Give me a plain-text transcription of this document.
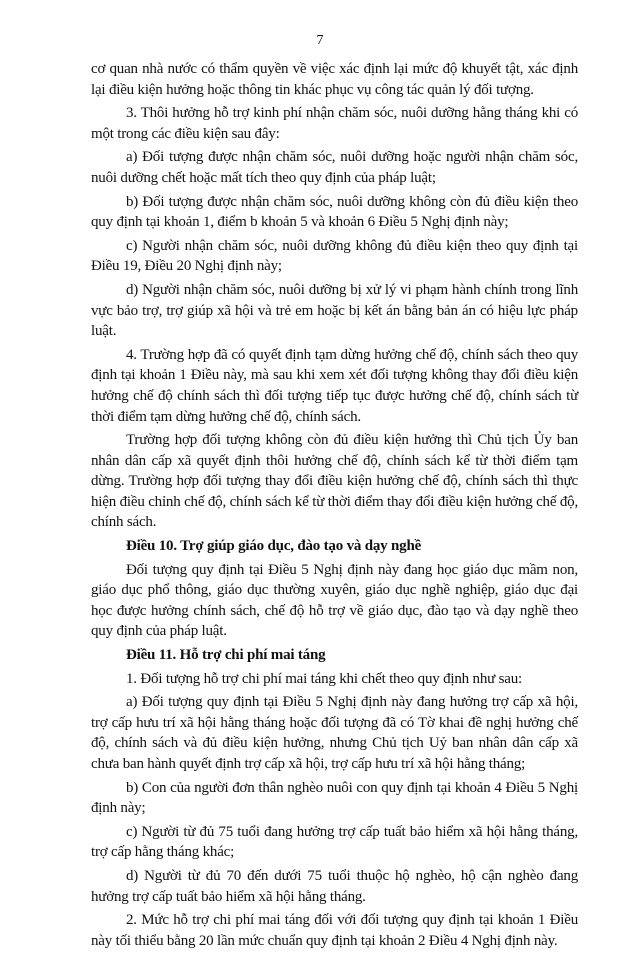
7

cơ quan nhà nước có thẩm quyền về việc xác định lại mức độ khuyết tật, xác định lại điều kiện hưởng hoặc thông tin khác phục vụ công tác quản lý đối tượng.

3. Thôi hưởng hỗ trợ kinh phí nhận chăm sóc, nuôi dưỡng hằng tháng khi có một trong các điều kiện sau đây:

a) Đối tượng được nhận chăm sóc, nuôi dưỡng hoặc người nhận chăm sóc, nuôi dưỡng chết hoặc mất tích theo quy định của pháp luật;

b) Đối tượng được nhận chăm sóc, nuôi dưỡng không còn đủ điều kiện theo quy định tại khoản 1, điểm b khoản 5 và khoản 6 Điều 5 Nghị định này;

c) Người nhận chăm sóc, nuôi dưỡng không đủ điều kiện theo quy định tại Điều 19, Điều 20 Nghị định này;

d) Người nhận chăm sóc, nuôi dưỡng bị xử lý vi phạm hành chính trong lĩnh vực bảo trợ, trợ giúp xã hội và trẻ em hoặc bị kết án bằng bản án có hiệu lực pháp luật.

4. Trường hợp đã có quyết định tạm dừng hưởng chế độ, chính sách theo quy định tại khoản 1 Điều này, mà sau khi xem xét đối tượng không thay đổi điều kiện hưởng chế độ chính sách thì đối tượng tiếp tục được hưởng chế độ, chính sách từ thời điểm tạm dừng hưởng chế độ, chính sách.

Trường hợp đối tượng không còn đủ điều kiện hưởng thì Chủ tịch Ủy ban nhân dân cấp xã quyết định thôi hưởng chế độ, chính sách kể từ thời điểm tạm dừng. Trường hợp đối tượng thay đổi điều kiện hưởng chế độ, chính sách thì thực hiện điều chỉnh chế độ, chính sách kể từ thời điểm thay đổi điều kiện hưởng chế độ, chính sách.

Điều 10. Trợ giúp giáo dục, đào tạo và dạy nghề

Đối tượng quy định tại Điều 5 Nghị định này đang học giáo dục mầm non, giáo dục phổ thông, giáo dục thường xuyên, giáo dục nghề nghiệp, giáo dục đại học được hưởng chính sách, chế độ hỗ trợ về giáo dục, đào tạo và dạy nghề theo quy định của pháp luật.

Điều 11. Hỗ trợ chi phí mai táng

1. Đối tượng hỗ trợ chi phí mai táng khi chết theo quy định như sau:

a) Đối tượng quy định tại Điều 5 Nghị định này đang hưởng trợ cấp xã hội, trợ cấp hưu trí xã hội hằng tháng hoặc đối tượng đã có Tờ khai đề nghị hưởng chế độ, chính sách và đủ điều kiện hưởng, nhưng Chủ tịch Uỷ ban nhân dân cấp xã chưa ban hành quyết định trợ cấp xã hội, trợ cấp hưu trí xã hội hằng tháng;

b) Con của người đơn thân nghèo nuôi con quy định tại khoản 4 Điều 5 Nghị định này;

c) Người từ đủ 75 tuổi đang hưởng trợ cấp tuất bảo hiểm xã hội hằng tháng, trợ cấp hằng tháng khác;

d) Người từ đủ 70 đến dưới 75 tuổi thuộc hộ nghèo, hộ cận nghèo đang hưởng trợ cấp tuất bảo hiểm xã hội hằng tháng.

2. Mức hỗ trợ chi phí mai táng đối với đối tượng quy định tại khoản 1 Điều này tối thiểu bằng 20 lần mức chuẩn quy định tại khoản 2 Điều 4 Nghị định này.
